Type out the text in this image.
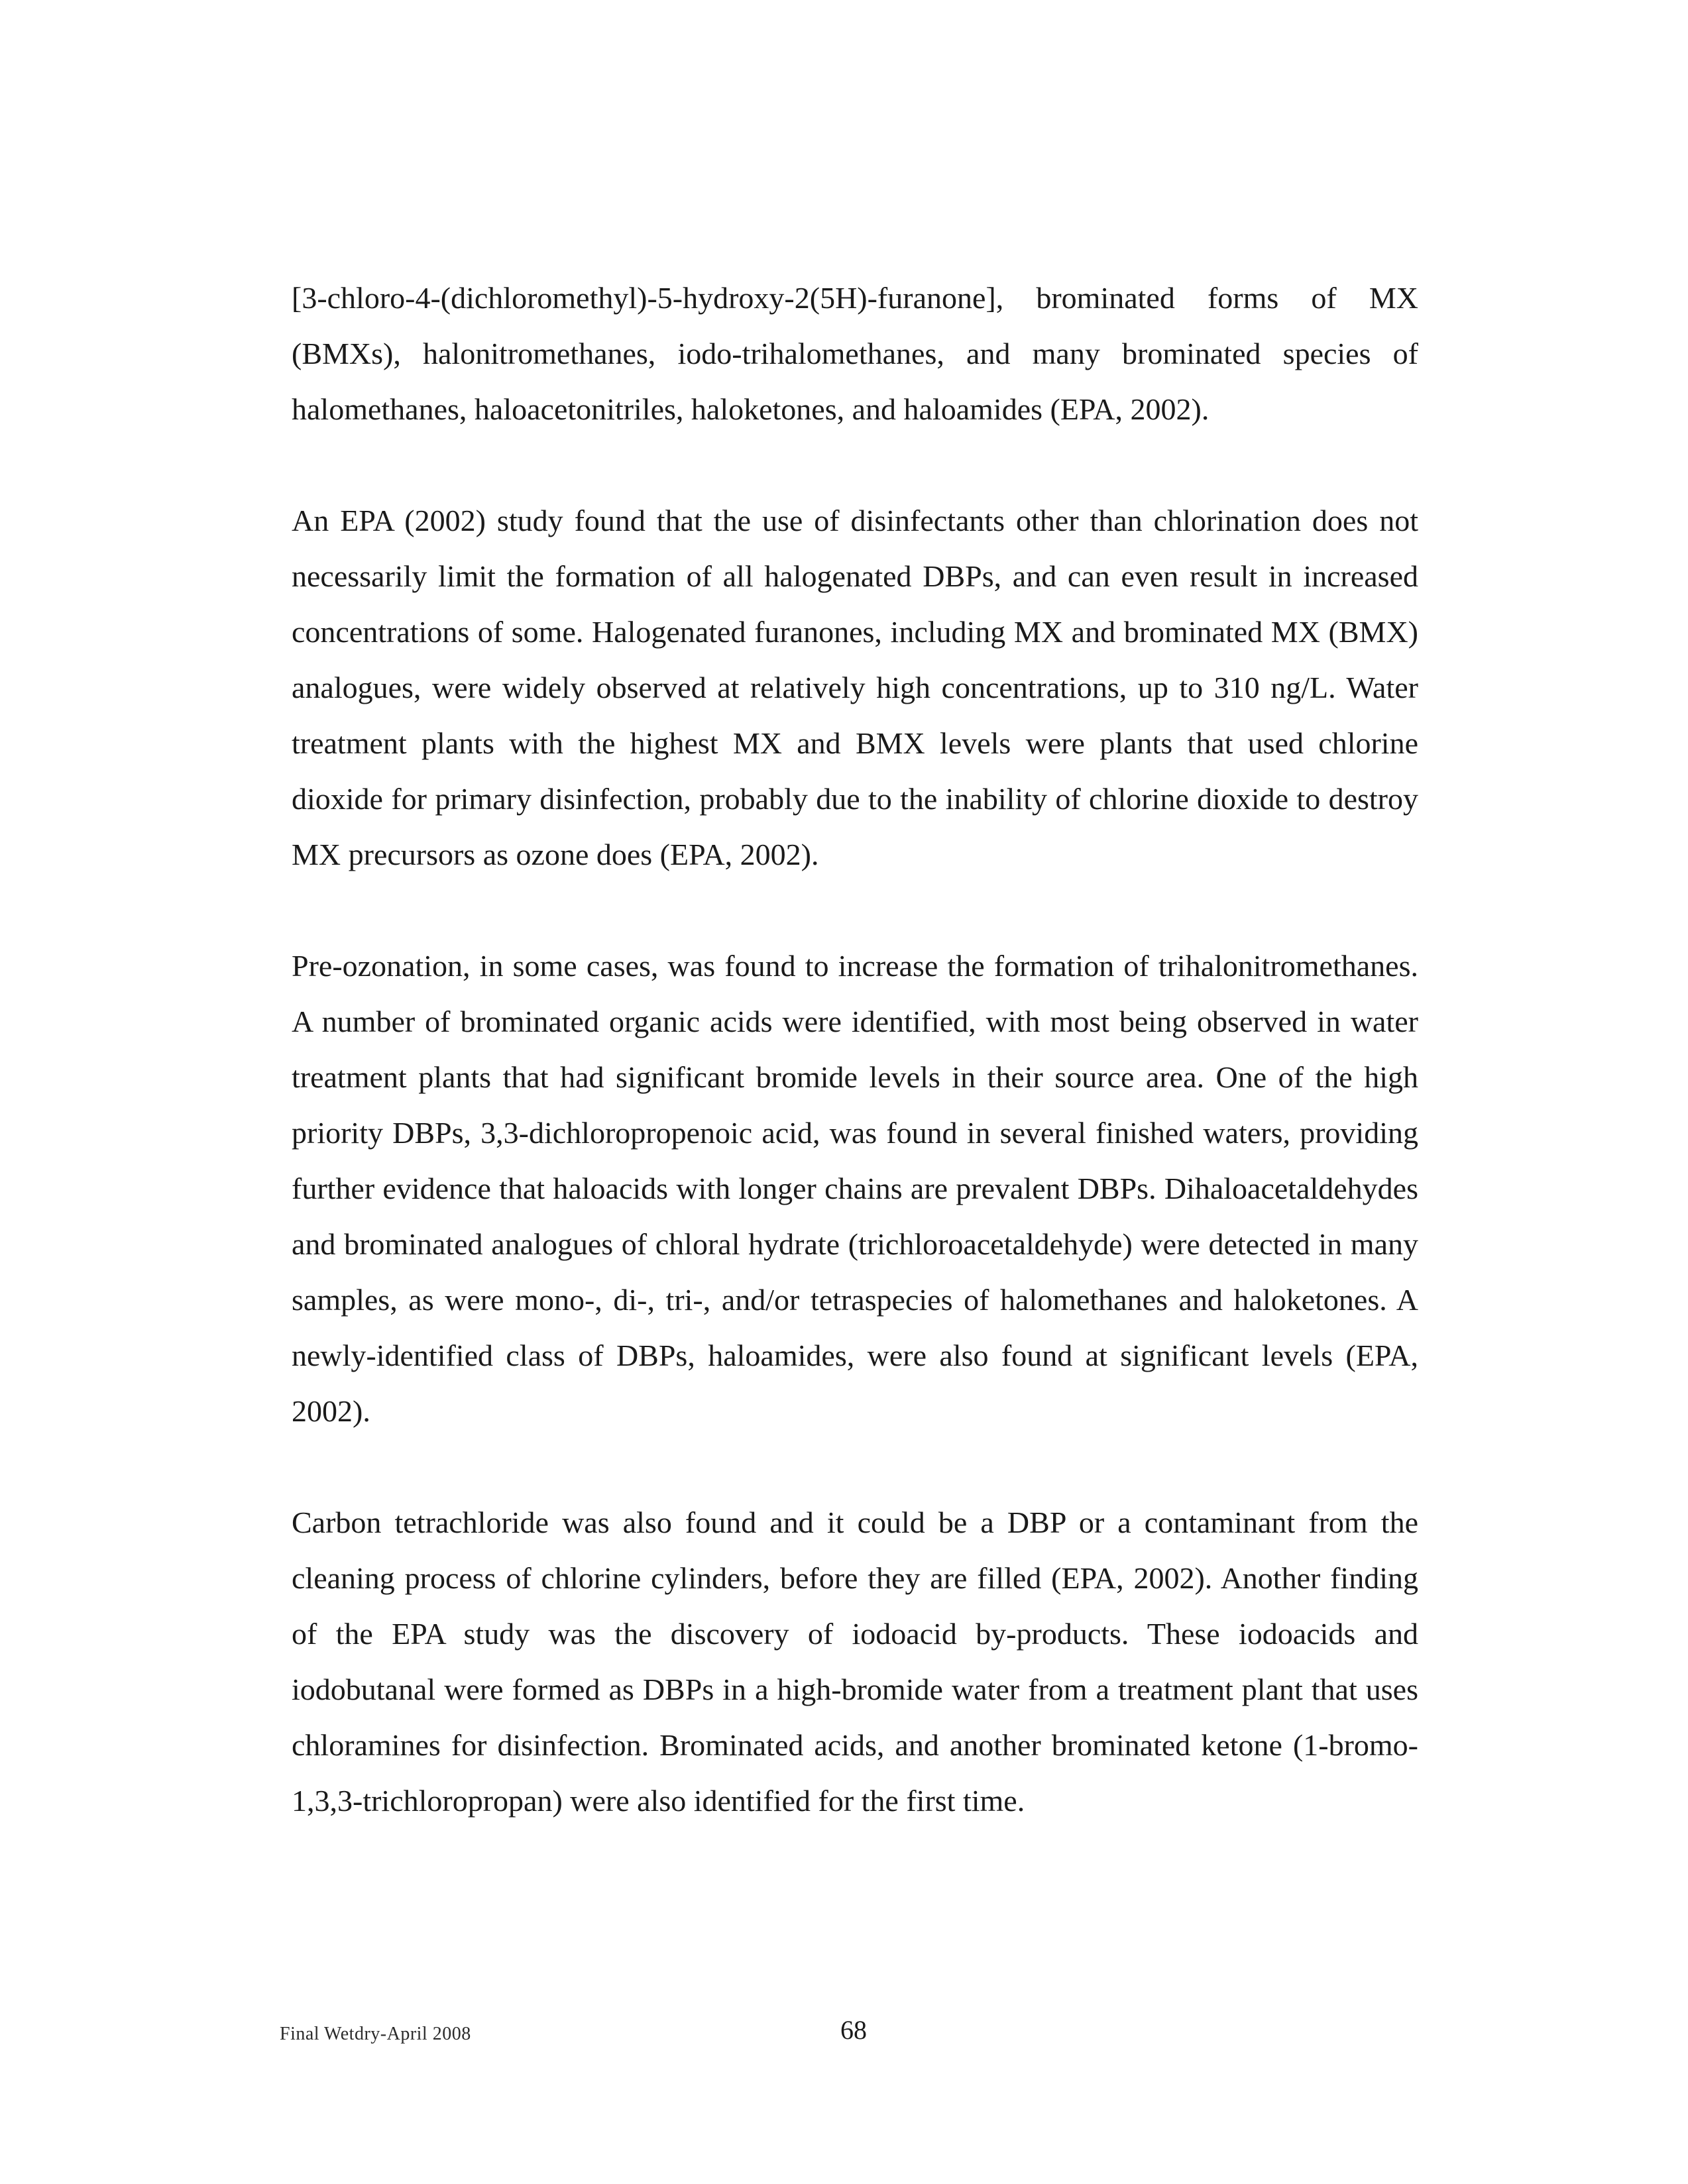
[3-chloro-4-(dichloromethyl)-5-hydroxy-2(5H)-furanone], brominated forms of MX (BMXs), halonitromethanes, iodo-trihalomethanes, and many brominated species of halomethanes, haloacetonitriles, haloketones, and haloamides (EPA, 2002).

An EPA (2002) study found that the use of disinfectants other than chlorination does not necessarily limit the formation of all halogenated DBPs, and can even result in increased concentrations of some. Halogenated furanones, including MX and brominated MX (BMX) analogues, were widely observed at relatively high concentrations, up to 310 ng/L. Water treatment plants with the highest MX and BMX levels were plants that used chlorine dioxide for primary disinfection, probably due to the inability of chlorine dioxide to destroy MX precursors as ozone does (EPA, 2002).

Pre-ozonation, in some cases, was found to increase the formation of trihalonitromethanes. A number of brominated organic acids were identified, with most being observed in water treatment plants that had significant bromide levels in their source area. One of the high priority DBPs, 3,3-dichloropropenoic acid, was found in several finished waters, providing further evidence that haloacids with longer chains are prevalent DBPs. Dihaloacetaldehydes and brominated analogues of chloral hydrate (trichloroacetaldehyde) were detected in many samples, as were mono-, di-, tri-, and/or tetraspecies of halomethanes and haloketones. A newly-identified class of DBPs, haloamides, were also found at significant levels (EPA, 2002).

Carbon tetrachloride was also found and it could be a DBP or a contaminant from the cleaning process of chlorine cylinders, before they are filled (EPA, 2002). Another finding of the EPA study was the discovery of iodoacid by-products. These iodoacids and iodobutanal were formed as DBPs in a high-bromide water from a treatment plant that uses chloramines for disinfection. Brominated acids, and another brominated ketone (1-bromo-1,3,3-trichloropropan) were also identified for the first time.

Final Wetdry-April 2008	68
